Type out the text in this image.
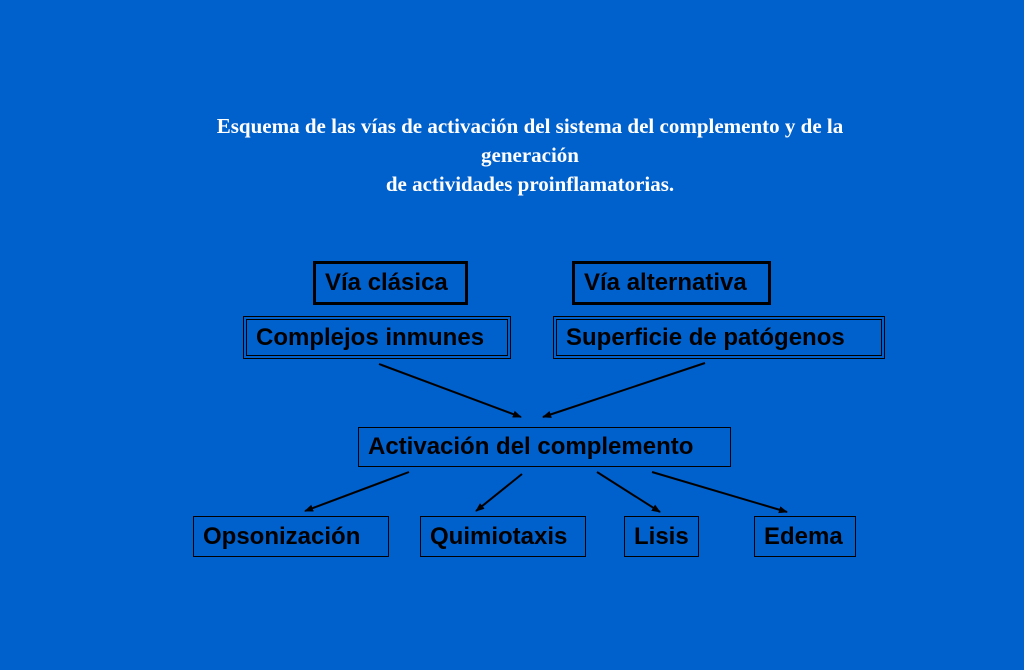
Esquema de las vías de activación del sistema del complemento y de la
generación
de actividades proinflamatorias.
Vía clásica	Vía alternativa
Complejos inmunes	Superficie de patógenos
Activación del complemento
Opsonización	Quimiotaxis	Lisis	Edema
